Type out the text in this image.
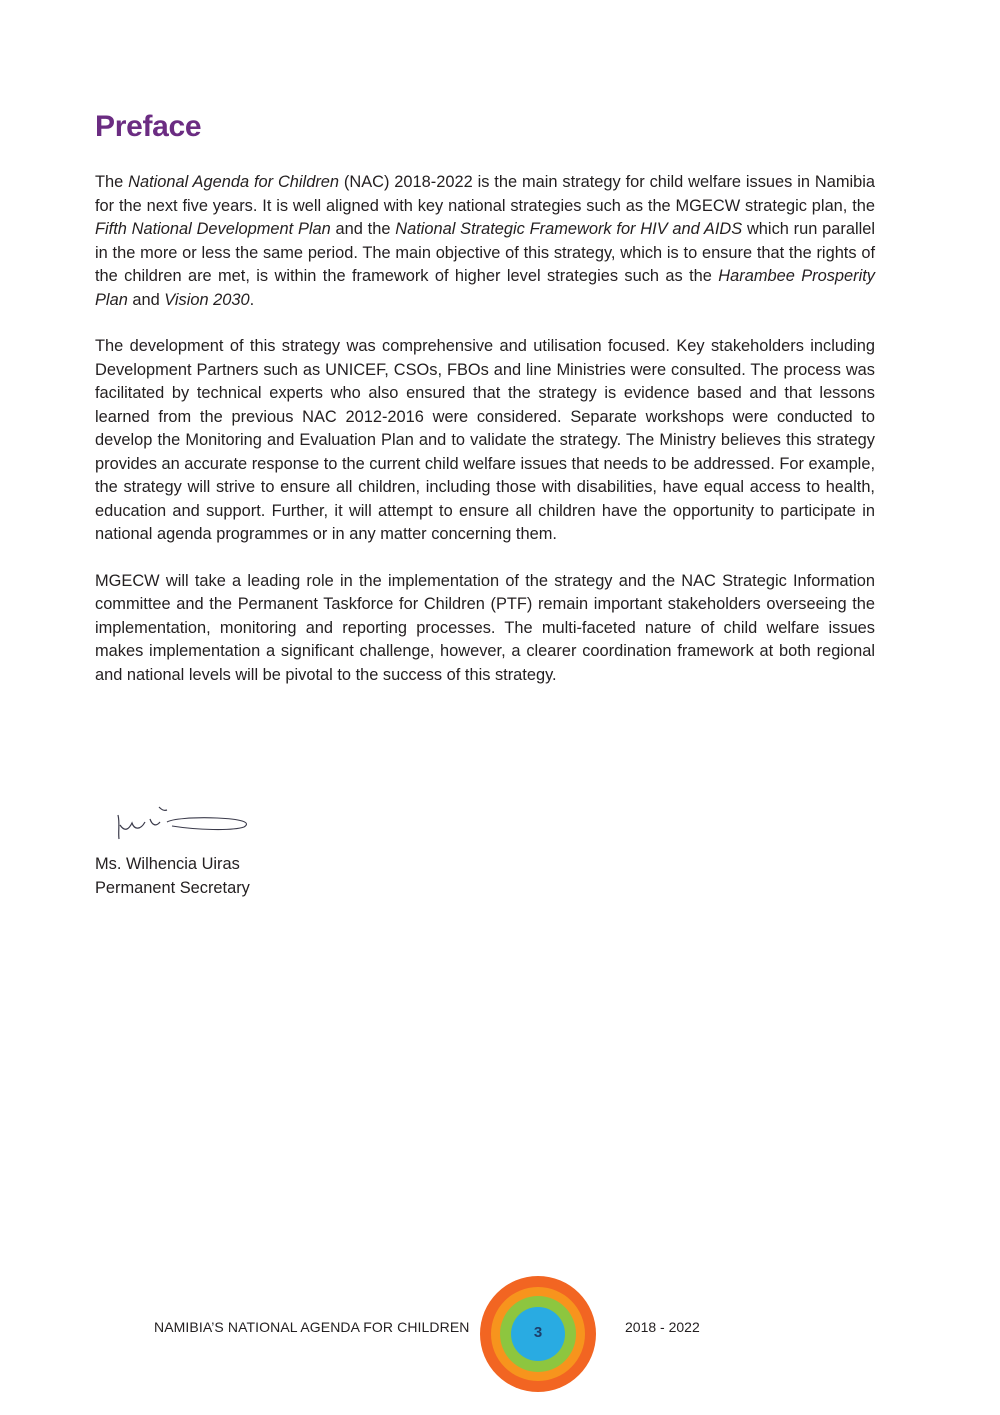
Preface

The National Agenda for Children (NAC) 2018-2022 is the main strategy for child welfare issues in Namibia for the next five years. It is well aligned with key national strategies such as the MGECW strategic plan, the Fifth National Development Plan and the National Strategic Framework for HIV and AIDS which run parallel in the more or less the same period. The main objective of this strategy, which is to ensure that the rights of the children are met, is within the framework of higher level strategies such as the Harambee Prosperity Plan and Vision 2030.

The development of this strategy was comprehensive and utilisation focused. Key stakeholders including Development Partners such as UNICEF, CSOs, FBOs and line Ministries were consulted. The process was facilitated by technical experts who also ensured that the strategy is evidence based and that lessons learned from the previous NAC 2012-2016 were considered. Separate workshops were conducted to develop the Monitoring and Evaluation Plan and to validate the strategy. The Ministry believes this strategy provides an accurate response to the current child welfare issues that needs to be addressed. For example, the strategy will strive to ensure all children, including those with disabilities, have equal access to health, education and support. Further, it will attempt to ensure all children have the opportunity to participate in national agenda programmes or in any matter concerning them.

MGECW will take a leading role in the implementation of the strategy and the NAC Strategic Information committee and the Permanent Taskforce for Children (PTF) remain important stakeholders overseeing the implementation, monitoring and reporting processes. The multi-faceted nature of child welfare issues makes implementation a significant challenge, however, a clearer coordination framework at both regional and national levels will be pivotal to the success of this strategy.

Ms. Wilhencia Uiras
Permanent Secretary
NAMIBIA’S NATIONAL AGENDA FOR CHILDREN	3	2018 - 2022
